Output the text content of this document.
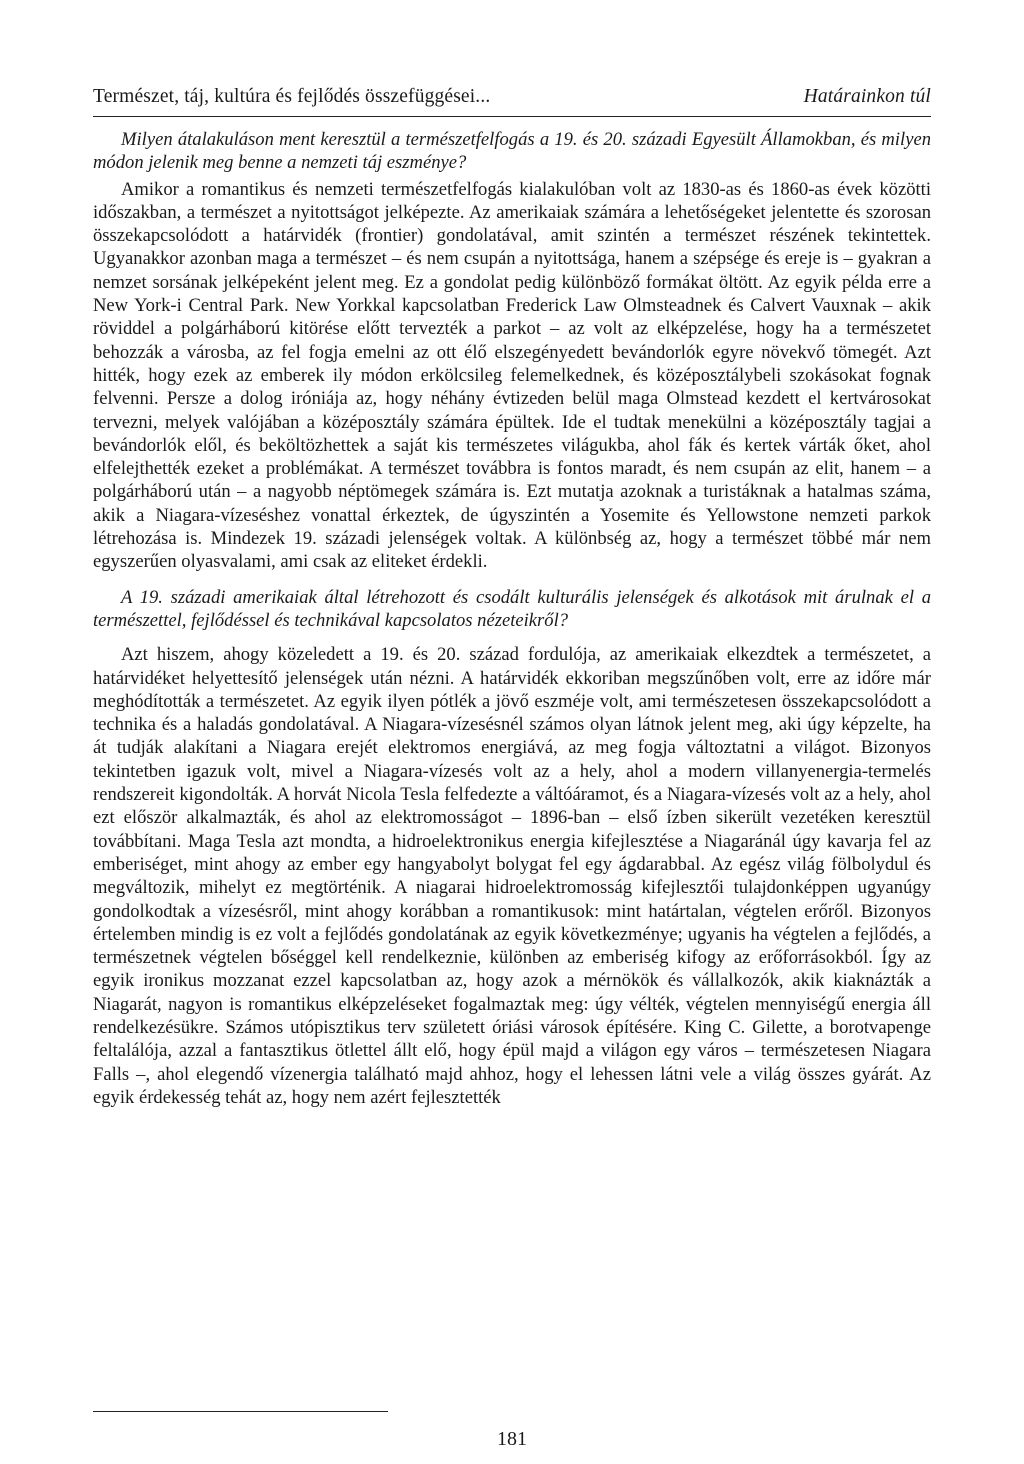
Természet, táj, kultúra és fejlődés összefüggései...	Határainkon túl

Milyen átalakuláson ment keresztül a természetfelfogás a 19. és 20. századi Egyesült Államokban, és milyen módon jelenik meg benne a nemzeti táj eszménye?

Amikor a romantikus és nemzeti természetfelfogás kialakulóban volt az 1830-as és 1860-as évek közötti időszakban, a természet a nyitottságot jelképezte. Az amerikaiak számára a lehetőségeket jelentette és szorosan összekapcsolódott a határvidék (frontier) gondolatával, amit szintén a természet részének tekintettek. Ugyanakkor azonban maga a természet – és nem csupán a nyitottsága, hanem a szépsége és ereje is – gyakran a nemzet sorsának jelképeként jelent meg. Ez a gondolat pedig különböző formákat öltött. Az egyik példa erre a New York-i Central Park. New Yorkkal kapcsolatban Frederick Law Olmsteadnek és Calvert Vauxnak – akik röviddel a polgárháború kitörése előtt tervezték a parkot – az volt az elképzelése, hogy ha a természetet behozzák a városba, az fel fogja emelni az ott élő elszegényedett bevándorlók egyre növekvő tömegét. Azt hitték, hogy ezek az emberek ily módon erkölcsileg felemelkednek, és középosztálybeli szokásokat fognak felvenni. Persze a dolog iróniája az, hogy néhány évtizeden belül maga Olmstead kezdett el kertvárosokat tervezni, melyek valójában a középosztály számára épültek. Ide el tudtak menekülni a középosztály tagjai a bevándorlók elől, és beköltözhettek a saját kis természetes világukba, ahol fák és kertek várták őket, ahol elfelejthették ezeket a problémákat. A természet továbbra is fontos maradt, és nem csupán az elit, hanem – a polgárháború után – a nagyobb néptömegek számára is. Ezt mutatja azoknak a turistáknak a hatalmas száma, akik a Niagara-vízeséshez vonattal érkeztek, de úgyszintén a Yosemite és Yellowstone nemzeti parkok létrehozása is. Mindezek 19. századi jelenségek voltak. A különbség az, hogy a természet többé már nem egyszerűen olyasvalami, ami csak az eliteket érdekli.

A 19. századi amerikaiak által létrehozott és csodált kulturális jelenségek és alkotások mit árulnak el a természettel, fejlődéssel és technikával kapcsolatos nézeteikről?

Azt hiszem, ahogy közeledett a 19. és 20. század fordulója, az amerikaiak elkezdtek a természetet, a határvidéket helyettesítő jelenségek után nézni. A határvidék ekkoriban megszűnőben volt, erre az időre már meghódították a természetet. Az egyik ilyen pótlék a jövő eszméje volt, ami természetesen összekapcsolódott a technika és a haladás gondolatával. A Niagara-vízesésnél számos olyan látnok jelent meg, aki úgy képzelte, ha át tudják alakítani a Niagara erejét elektromos energiává, az meg fogja változtatni a világot. Bizonyos tekintetben igazuk volt, mivel a Niagara-vízesés volt az a hely, ahol a modern villanyenergia-termelés rendszereit kigondolták. A horvát Nicola Tesla felfedezte a váltóáramot, és a Niagara-vízesés volt az a hely, ahol ezt először alkalmazták, és ahol az elektromosságot – 1896-ban – első ízben sikerült vezetéken keresztül továbbítani. Maga Tesla azt mondta, a hidroelektronikus energia kifejlesztése a Niagaránál úgy kavarja fel az emberiséget, mint ahogy az ember egy hangyabolyt bolygat fel egy ágdarabbal. Az egész világ fölbolydul és megváltozik, mihelyt ez megtörténik. A niagarai hidroelektromosság kifejlesztői tulajdonképpen ugyanúgy gondolkodtak a vízesésről, mint ahogy korábban a romantikusok: mint határtalan, végtelen erőről. Bizonyos értelemben mindig is ez volt a fejlődés gondolatának az egyik következménye; ugyanis ha végtelen a fejlődés, a természetnek végtelen bőséggel kell rendelkeznie, különben az emberiség kifogy az erőforrásokból. Így az egyik ironikus mozzanat ezzel kapcsolatban az, hogy azok a mérnökök és vállalkozók, akik kiaknázták a Niagarát, nagyon is romantikus elképzeléseket fogalmaztak meg: úgy vélték, végtelen mennyiségű energia áll rendelkezésükre. Számos utópisztikus terv született óriási városok építésére. King C. Gilette, a borotvapenge feltalálója, azzal a fantasztikus ötlettel állt elő, hogy épül majd a világon egy város – természetesen Niagara Falls –, ahol elegendő vízenergia található majd ahhoz, hogy el lehessen látni vele a világ összes gyárát. Az egyik érdekesség tehát az, hogy nem azért fejlesztették

181
